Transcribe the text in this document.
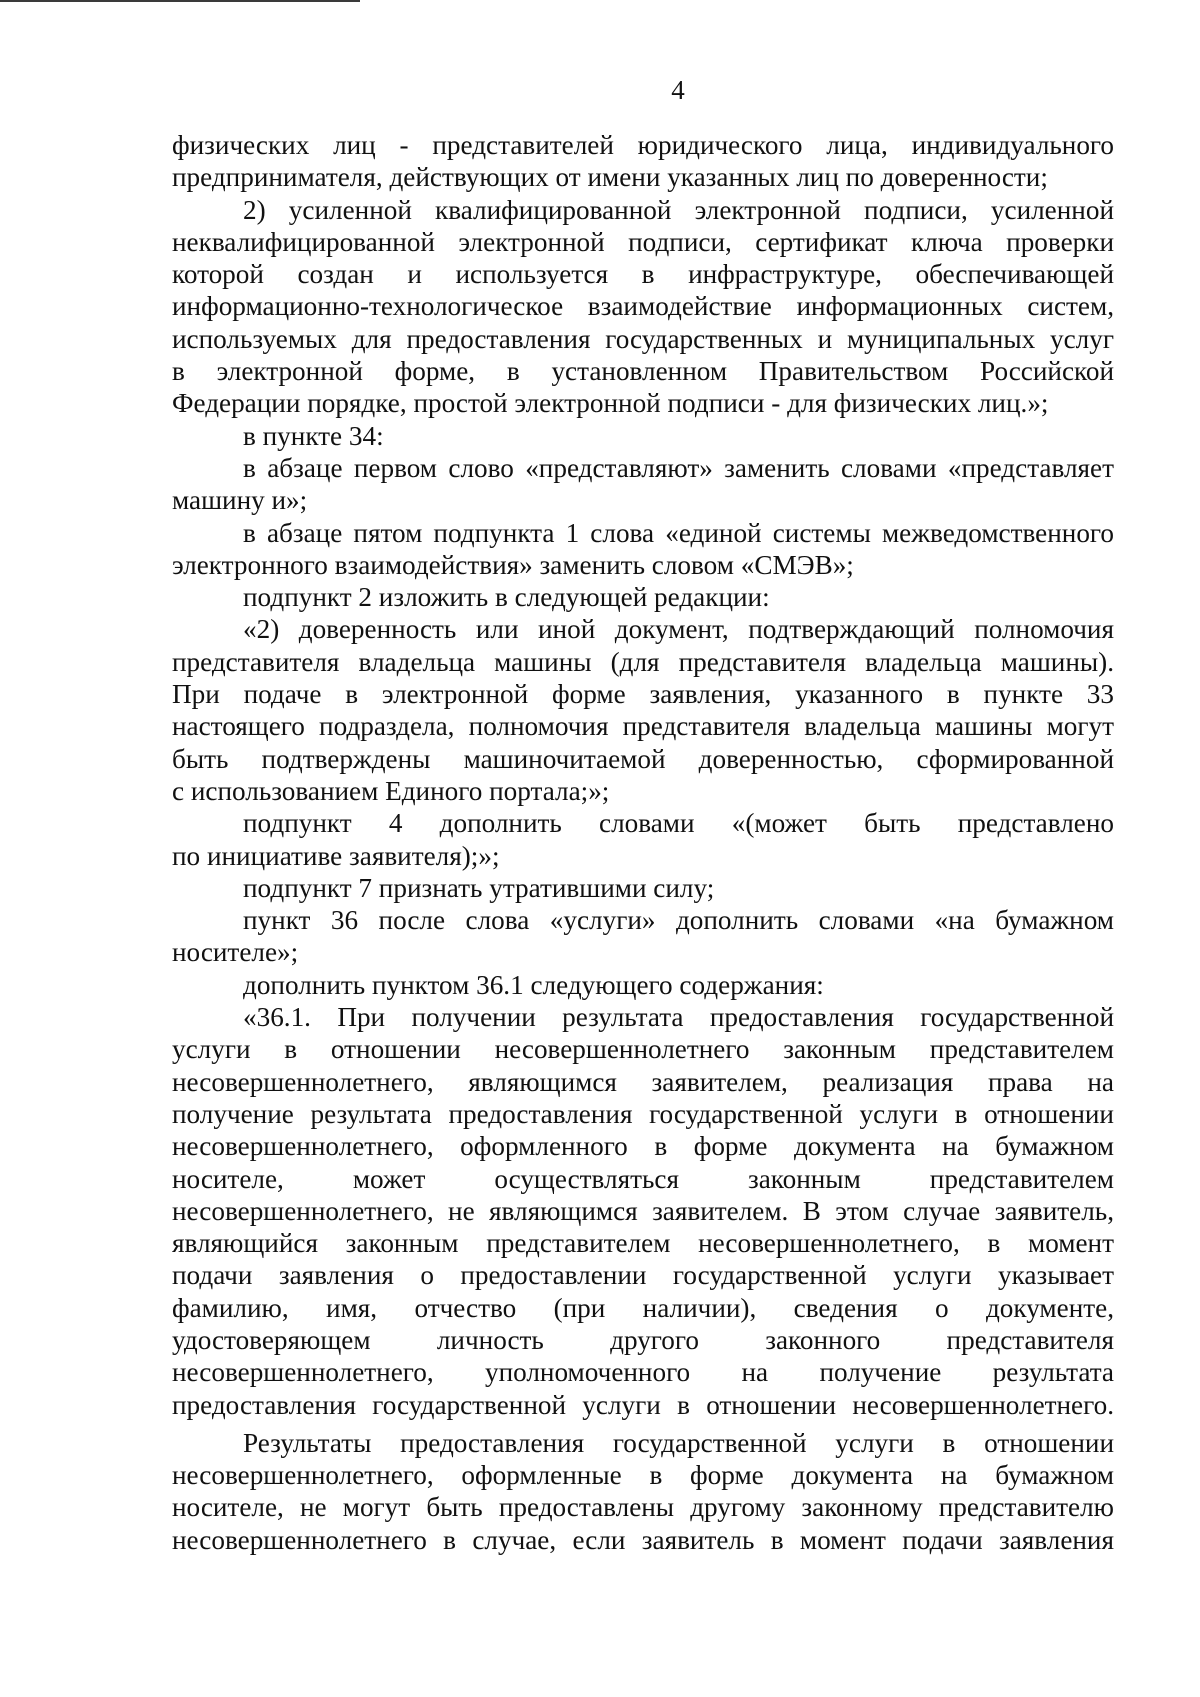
4
физических лиц - представителей юридического лица, индивидуального
предпринимателя, действующих от имени указанных лиц по доверенности;
2) усиленной квалифицированной электронной подписи, усиленной
неквалифицированной электронной подписи, сертификат ключа проверки
которой создан и используется в инфраструктуре, обеспечивающей
информационно-технологическое взаимодействие информационных систем,
используемых для предоставления государственных и муниципальных услуг
в электронной форме, в установленном Правительством Российской
Федерации порядке, простой электронной подписи - для физических лиц.»;
в пункте 34:
в абзаце первом слово «представляют» заменить словами «представляет
машину и»;
в абзаце пятом подпункта 1 слова «единой системы межведомственного
электронного взаимодействия» заменить словом «СМЭВ»;
подпункт 2 изложить в следующей редакции:
«2) доверенность или иной документ, подтверждающий полномочия
представителя владельца машины (для представителя владельца машины).
При подаче в электронной форме заявления, указанного в пункте 33
настоящего подраздела, полномочия представителя владельца машины могут
быть подтверждены машиночитаемой доверенностью, сформированной
с использованием Единого портала;»;
подпункт 4 дополнить словами «(может быть представлено
по инициативе заявителя);»;
подпункт 7 признать утратившими силу;
пункт 36 после слова «услуги» дополнить словами «на бумажном
носителе»;
дополнить пунктом 36.1 следующего содержания:
«36.1. При получении результата предоставления государственной
услуги в отношении несовершеннолетнего законным представителем
несовершеннолетнего, являющимся заявителем, реализация права на
получение результата предоставления государственной услуги в отношении
несовершеннолетнего, оформленного в форме документа на бумажном
носителе, может осуществляться законным представителем
несовершеннолетнего, не являющимся заявителем. В этом случае заявитель,
являющийся законным представителем несовершеннолетнего, в момент
подачи заявления о предоставлении государственной услуги указывает
фамилию, имя, отчество (при наличии), сведения о документе,
удостоверяющем личность другого законного представителя
несовершеннолетнего, уполномоченного на получение результата
предоставления государственной услуги в отношении несовершеннолетнего.
Результаты предоставления государственной услуги в отношении
несовершеннолетнего, оформленные в форме документа на бумажном
носителе, не могут быть предоставлены другому законному представителю
несовершеннолетнего в случае, если заявитель в момент подачи заявления
